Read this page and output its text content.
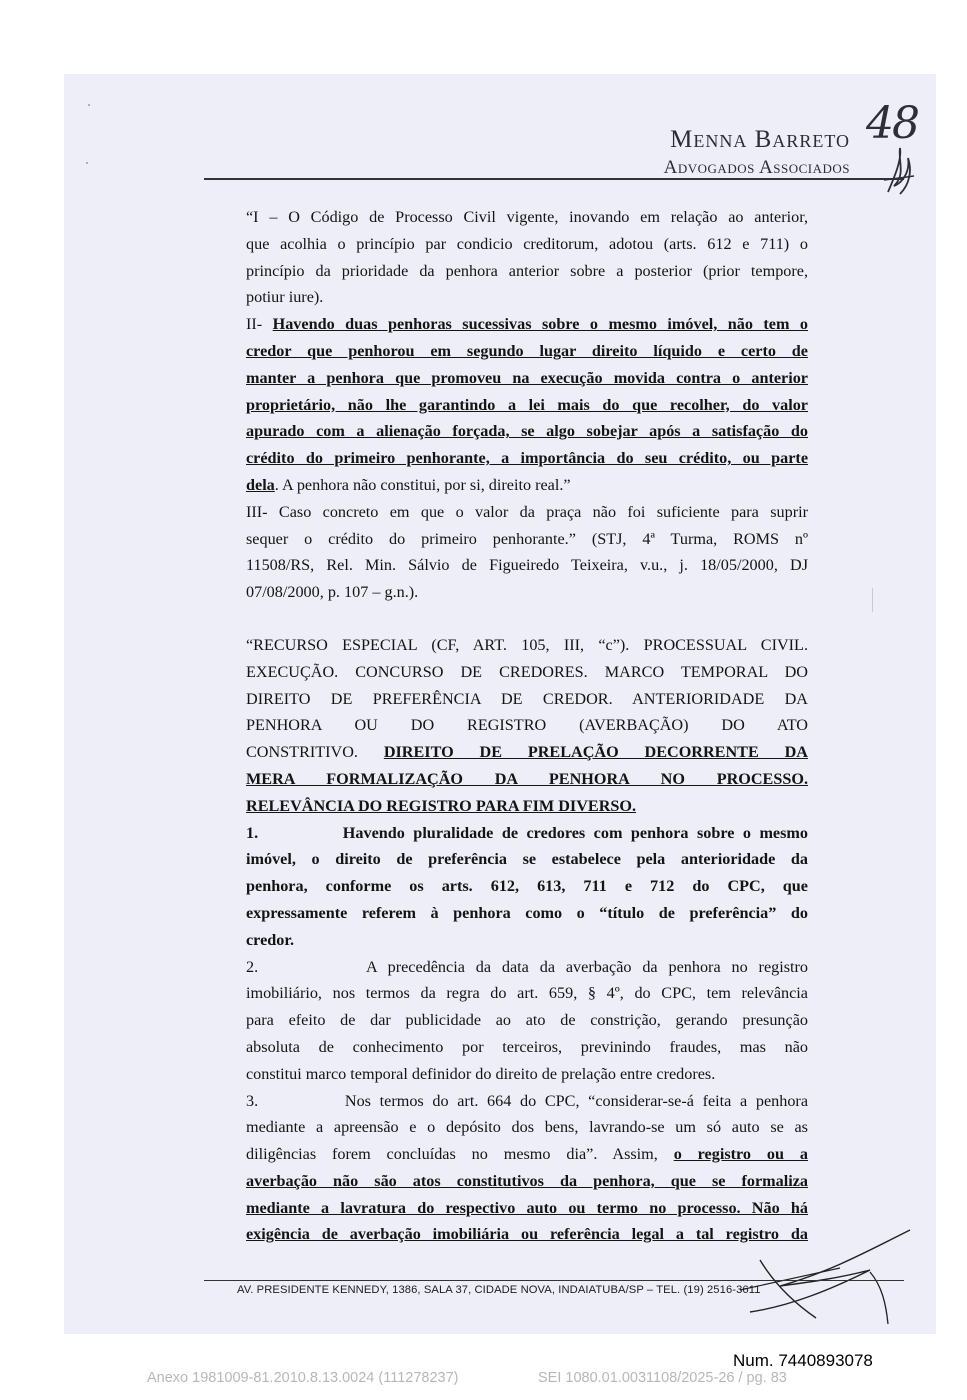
Menna Barreto
Advogados Associados
48

“I – O Código de Processo Civil vigente, inovando em relação ao anterior,
que acolhia o princípio par condicio creditorum, adotou (arts. 612 e 711) o
princípio da prioridade da penhora anterior sobre a posterior (prior tempore,
potiur iure).

II- Havendo duas penhoras sucessivas sobre o mesmo imóvel, não tem o
credor que penhorou em segundo lugar direito líquido e certo de
manter a penhora que promoveu na execução movida contra o anterior
proprietário, não lhe garantindo a lei mais do que recolher, do valor
apurado com a alienação forçada, se algo sobejar após a satisfação do
crédito do primeiro penhorante, a importância do seu crédito, ou parte
dela. A penhora não constitui, por si, direito real.”

III- Caso concreto em que o valor da praça não foi suficiente para suprir
sequer o crédito do primeiro penhorante.” (STJ, 4ª Turma, ROMS nº
11508/RS, Rel. Min. Sálvio de Figueiredo Teixeira, v.u., j. 18/05/2000, DJ
07/08/2000, p. 107 – g.n.).

“RECURSO ESPECIAL (CF, ART. 105, III, “c”). PROCESSUAL CIVIL.
EXECUÇÃO. CONCURSO DE CREDORES. MARCO TEMPORAL DO
DIREITO DE PREFERÊNCIA DE CREDOR. ANTERIORIDADE DA
PENHORA OU DO REGISTRO (AVERBAÇÃO) DO ATO
CONSTRITIVO. DIREITO DE PRELAÇÃO DECORRENTE DA
MERA FORMALIZAÇÃO DA PENHORA NO PROCESSO.
RELEVÂNCIA DO REGISTRO PARA FIM DIVERSO.

1.          Havendo pluralidade de credores com penhora sobre o mesmo
imóvel, o direito de preferência se estabelece pela anterioridade da
penhora, conforme os arts. 612, 613, 711 e 712 do CPC, que
expressamente referem à penhora como o “título de preferência” do
credor.

2.          A precedência da data da averbação da penhora no registro
imobiliário, nos termos da regra do art. 659, § 4º, do CPC, tem relevância
para efeito de dar publicidade ao ato de constrição, gerando presunção
absoluta de conhecimento por terceiros, previnindo fraudes, mas não
constitui marco temporal definidor do direito de prelação entre credores.

3.          Nos termos do art. 664 do CPC, “considerar-se-á feita a penhora
mediante a apreensão e o depósito dos bens, lavrando-se um só auto se as
diligências forem concluídas no mesmo dia”. Assim, o registro ou a
averbação não são atos constitutivos da penhora, que se formaliza
mediante a lavratura do respectivo auto ou termo no processo. Não há
exigência de averbação imobiliária ou referência legal a tal registro da

AV. PRESIDENTE KENNEDY, 1386, SALA 37, CIDADE NOVA, INDAIATUBA/SP – TEL. (19) 2516-3611
Num. 7440893078
Anexo 1981009-81.2010.8.13.0024 (111278237)	SEI 1080.01.0031108/2025-26 / pg. 83
